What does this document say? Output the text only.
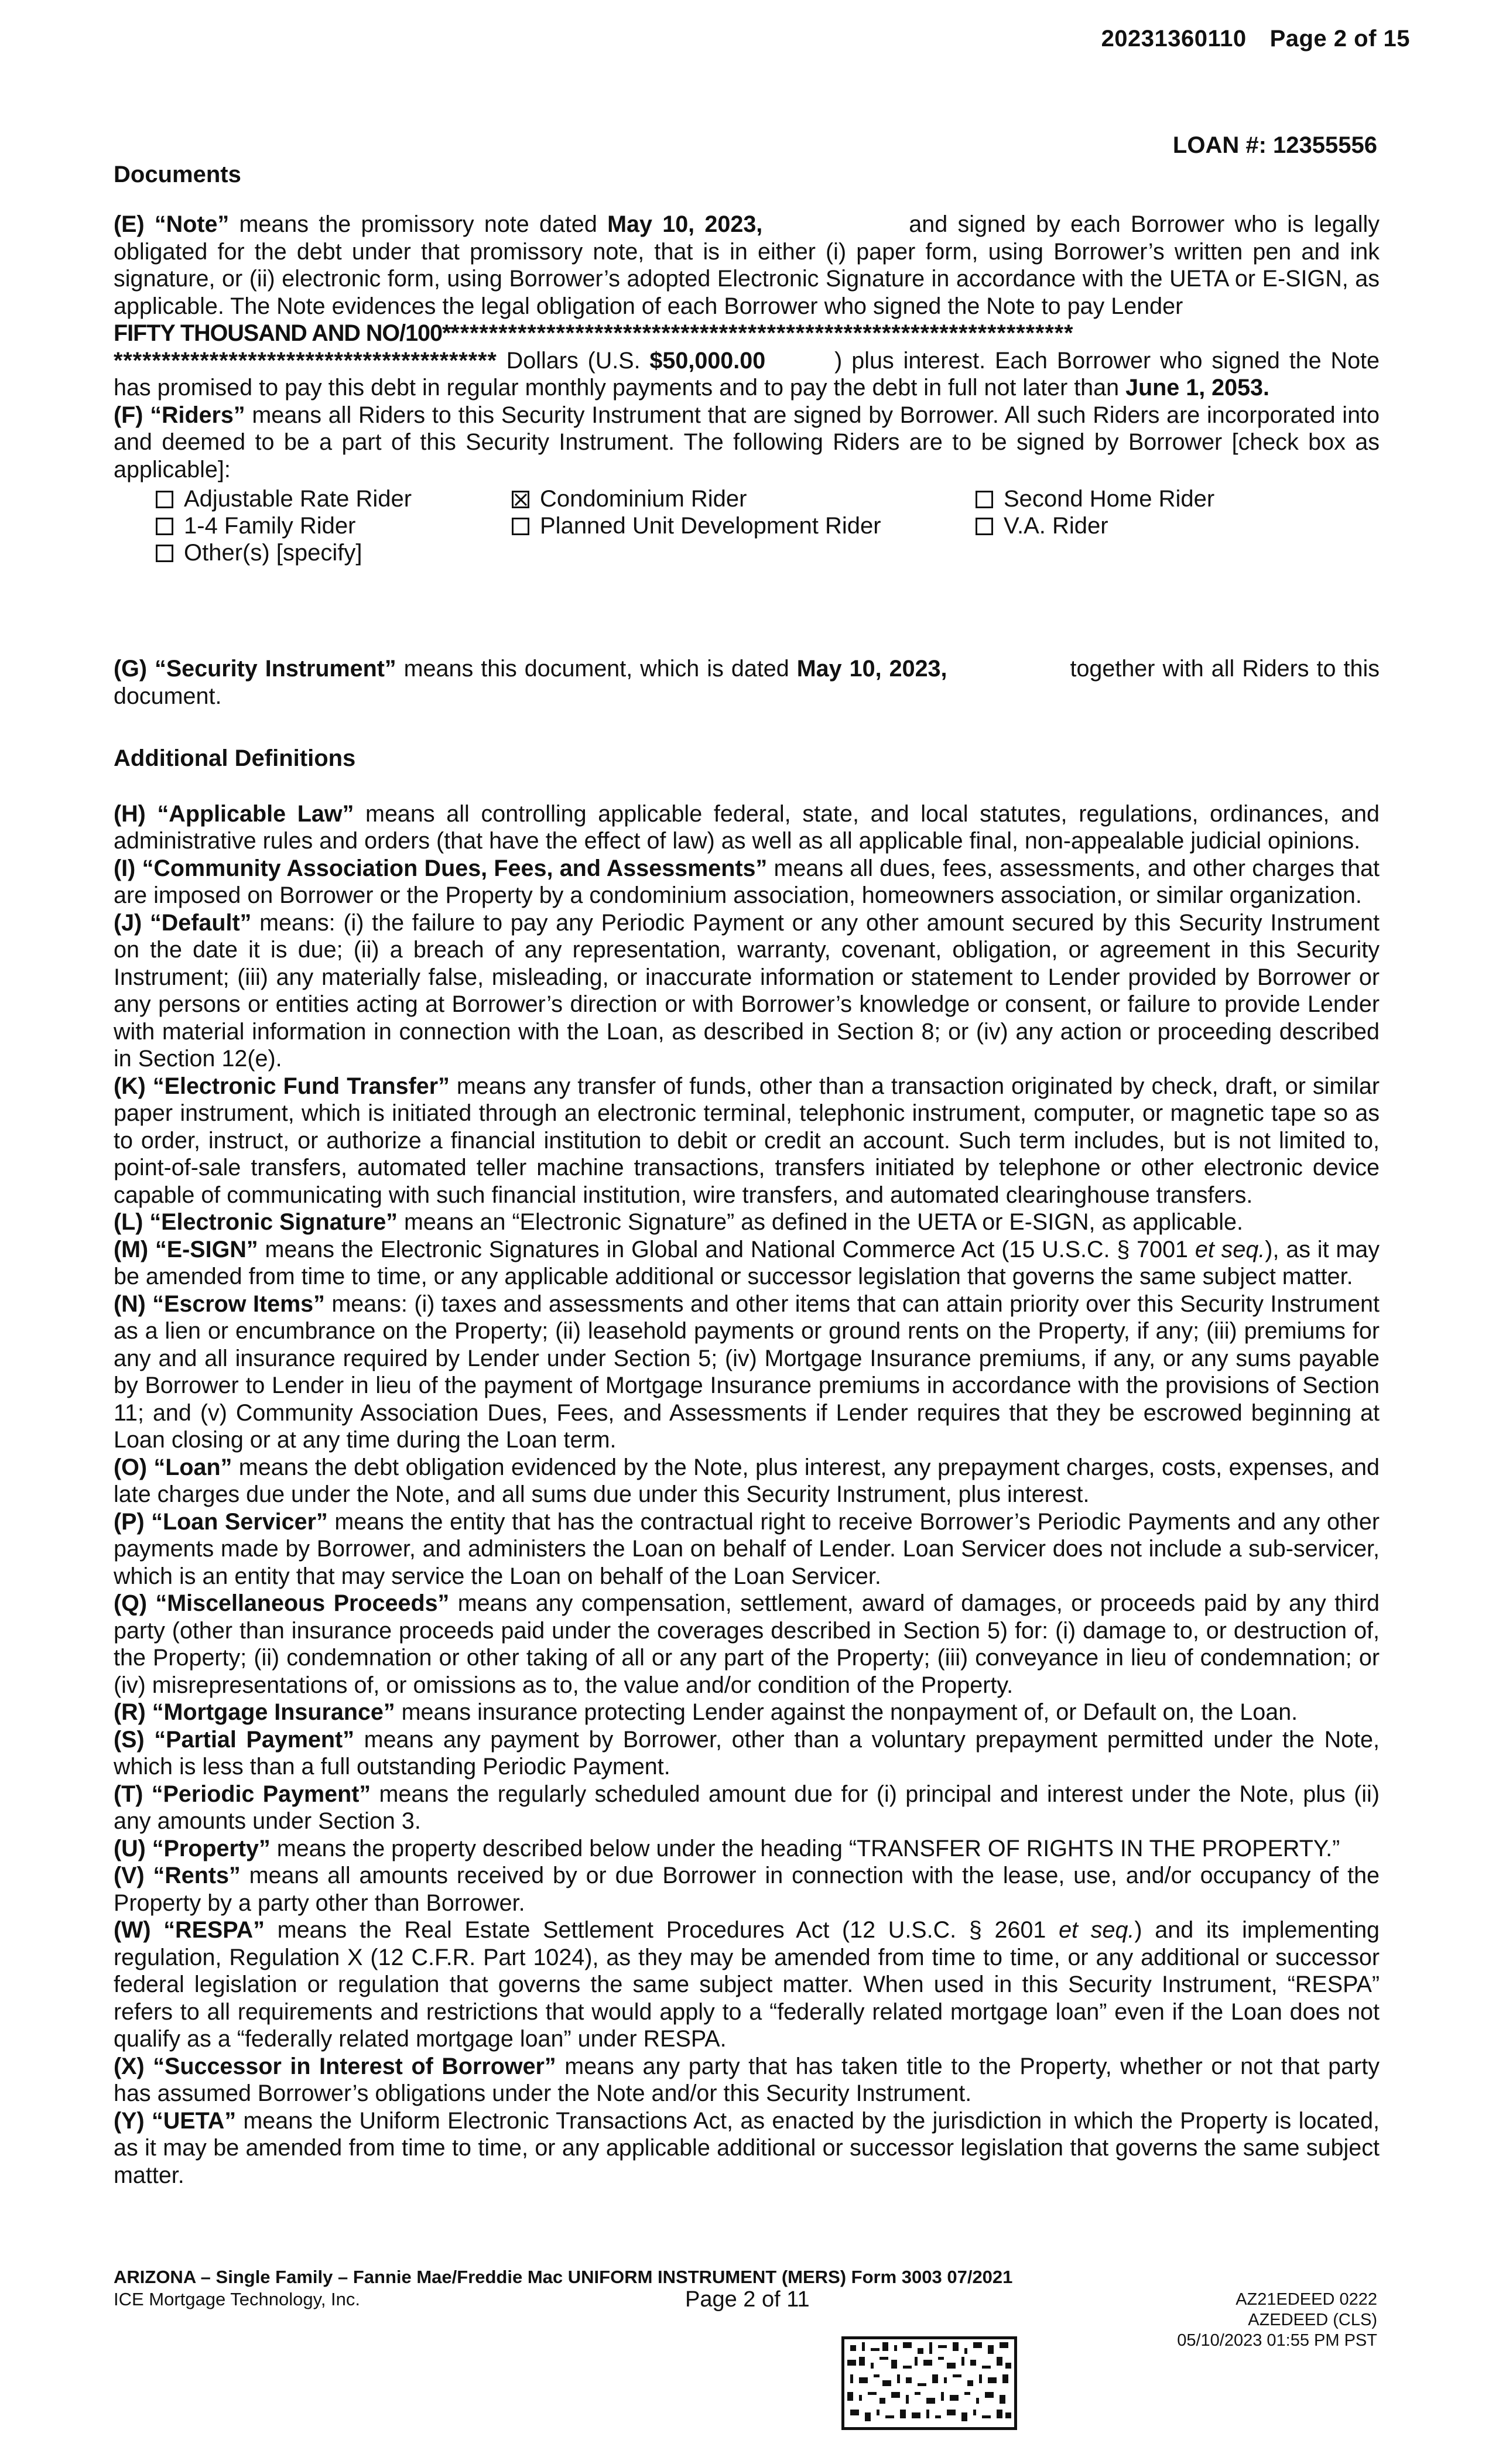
20231360110 Page 2 of 15
LOAN #: 12355556
Documents

(E) “Note” means the promissory note dated May 10, 2023,	and signed by each Borrower who is legally obligated for the debt under that promissory note, that is in either (i) paper form, using Borrower’s written pen and ink signature, or (ii) electronic form, using Borrower’s adopted Electronic Signature in accordance with the UETA or E-SIGN, as applicable. The Note evidences the legal obligation of each Borrower who signed the Note to pay Lender
FIFTY THOUSAND AND NO/100******************************************************************
**************************************** Dollars (U.S. $50,000.00	) plus interest. Each Borrower who signed the Note has promised to pay this debt in regular monthly payments and to pay the debt in full not later than June 1, 2053.

(F) “Riders” means all Riders to this Security Instrument that are signed by Borrower. All such Riders are incorporated into and deemed to be a part of this Security Instrument. The following Riders are to be signed by Borrower [check box as applicable]:

Adjustable Rate Rider	Condominium Rider	Second Home Rider
1-4 Family Rider	Planned Unit Development Rider	V.A. Rider
Other(s) [specify]

(G) “Security Instrument” means this document, which is dated May 10, 2023,	together with all Riders to this document.

Additional Definitions

(H) “Applicable Law” means all controlling applicable federal, state, and local statutes, regulations, ordinances, and administrative rules and orders (that have the effect of law) as well as all applicable final, non-appealable judicial opinions.

(I) “Community Association Dues, Fees, and Assessments” means all dues, fees, assessments, and other charges that are imposed on Borrower or the Property by a condominium association, homeowners association, or similar organization.

(J) “Default” means: (i) the failure to pay any Periodic Payment or any other amount secured by this Security Instrument on the date it is due; (ii) a breach of any representation, warranty, covenant, obligation, or agreement in this Security Instrument; (iii) any materially false, misleading, or inaccurate information or statement to Lender provided by Borrower or any persons or entities acting at Borrower’s direction or with Borrower’s knowledge or consent, or failure to provide Lender with material information in connection with the Loan, as described in Section 8; or (iv) any action or proceeding described in Section 12(e).

(K) “Electronic Fund Transfer” means any transfer of funds, other than a transaction originated by check, draft, or similar paper instrument, which is initiated through an electronic terminal, telephonic instrument, computer, or magnetic tape so as to order, instruct, or authorize a financial institution to debit or credit an account. Such term includes, but is not limited to, point-of-sale transfers, automated teller machine transactions, transfers initiated by telephone or other electronic device capable of communicating with such financial institution, wire transfers, and automated clearinghouse transfers.

(L) “Electronic Signature” means an “Electronic Signature” as defined in the UETA or E-SIGN, as applicable.

(M) “E-SIGN” means the Electronic Signatures in Global and National Commerce Act (15 U.S.C. § 7001 et seq.), as it may be amended from time to time, or any applicable additional or successor legislation that governs the same subject matter.

(N) “Escrow Items” means: (i) taxes and assessments and other items that can attain priority over this Security Instrument as a lien or encumbrance on the Property; (ii) leasehold payments or ground rents on the Property, if any; (iii) premiums for any and all insurance required by Lender under Section 5; (iv) Mortgage Insurance premiums, if any, or any sums payable by Borrower to Lender in lieu of the payment of Mortgage Insurance premiums in accordance with the provisions of Section 11; and (v) Community Association Dues, Fees, and Assessments if Lender requires that they be escrowed beginning at Loan closing or at any time during the Loan term.

(O) “Loan” means the debt obligation evidenced by the Note, plus interest, any prepayment charges, costs, expenses, and late charges due under the Note, and all sums due under this Security Instrument, plus interest.

(P) “Loan Servicer” means the entity that has the contractual right to receive Borrower’s Periodic Payments and any other payments made by Borrower, and administers the Loan on behalf of Lender. Loan Servicer does not include a sub-servicer, which is an entity that may service the Loan on behalf of the Loan Servicer.

(Q) “Miscellaneous Proceeds” means any compensation, settlement, award of damages, or proceeds paid by any third party (other than insurance proceeds paid under the coverages described in Section 5) for: (i) damage to, or destruction of, the Property; (ii) condemnation or other taking of all or any part of the Property; (iii) conveyance in lieu of condemnation; or (iv) misrepresentations of, or omissions as to, the value and/or condition of the Property.

(R) “Mortgage Insurance” means insurance protecting Lender against the nonpayment of, or Default on, the Loan.

(S) “Partial Payment” means any payment by Borrower, other than a voluntary prepayment permitted under the Note, which is less than a full outstanding Periodic Payment.

(T) “Periodic Payment” means the regularly scheduled amount due for (i) principal and interest under the Note, plus (ii) any amounts under Section 3.

(U) “Property” means the property described below under the heading “TRANSFER OF RIGHTS IN THE PROPERTY.”

(V) “Rents” means all amounts received by or due Borrower in connection with the lease, use, and/or occupancy of the Property by a party other than Borrower.

(W) “RESPA” means the Real Estate Settlement Procedures Act (12 U.S.C. § 2601 et seq.) and its implementing regulation, Regulation X (12 C.F.R. Part 1024), as they may be amended from time to time, or any additional or successor federal legislation or regulation that governs the same subject matter. When used in this Security Instrument, “RESPA” refers to all requirements and restrictions that would apply to a “federally related mortgage loan” even if the Loan does not qualify as a “federally related mortgage loan” under RESPA.

(X) “Successor in Interest of Borrower” means any party that has taken title to the Property, whether or not that party has assumed Borrower’s obligations under the Note and/or this Security Instrument.

(Y) “UETA” means the Uniform Electronic Transactions Act, as enacted by the jurisdiction in which the Property is located, as it may be amended from time to time, or any applicable additional or successor legislation that governs the same subject matter.

ARIZONA – Single Family – Fannie Mae/Freddie Mac UNIFORM INSTRUMENT (MERS) Form 3003 07/2021
ICE Mortgage Technology, Inc.	Page 2 of 11	AZ21EDEED 0222
AZEDEED (CLS)
05/10/2023 01:55 PM PST
